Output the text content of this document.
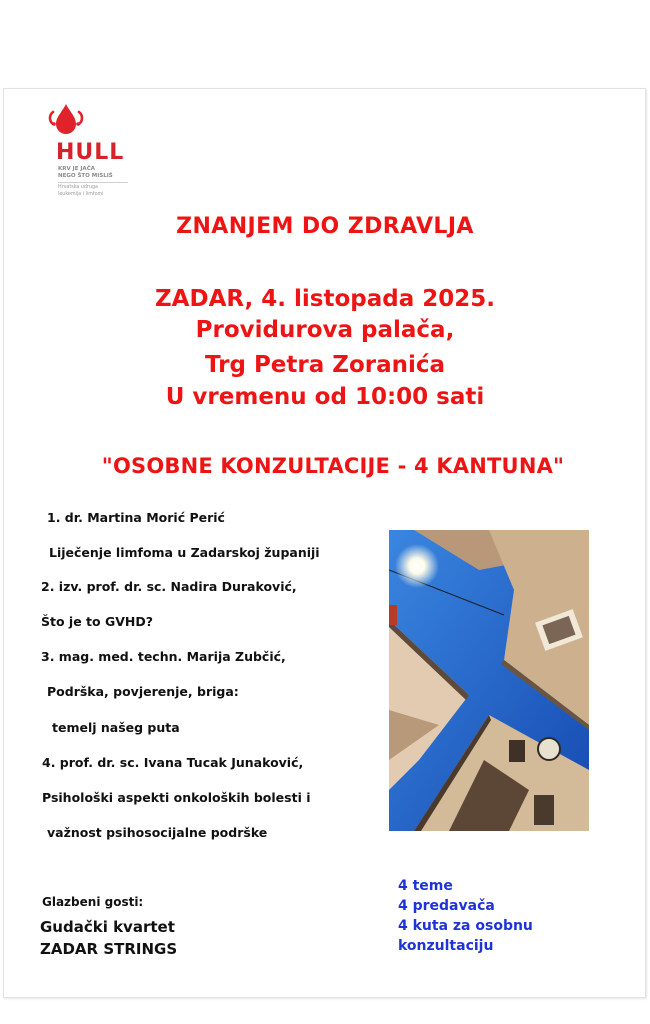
HULL
KRV JE JAČA
NEGO ŠTO MISLIŠ
Hrvatska udruga
leukemija i limfomi
ZNANJEM DO ZDRAVLJA
ZADAR, 4. listopada 2025.
Providurova palača,
Trg Petra Zoranića
U vremenu od 10:00 sati
"OSOBNE KONZULTACIJE - 4 KANTUNA"
1. dr. Martina Morić Perić
Liječenje limfoma u Zadarskoj županiji
2. izv. prof. dr. sc. Nadira Duraković,
Što je to GVHD?
3. mag. med. techn. Marija Zubčić,
Podrška, povjerenje, briga:
temelj našeg puta
4. prof. dr. sc. Ivana Tucak Junaković,
Psihološki aspekti onkoloških bolesti i
važnost psihosocijalne podrške
Glazbeni gosti:
Gudački kvartet
ZADAR STRINGS
4 teme
4 predavača
4 kuta za osobnu
konzultaciju
